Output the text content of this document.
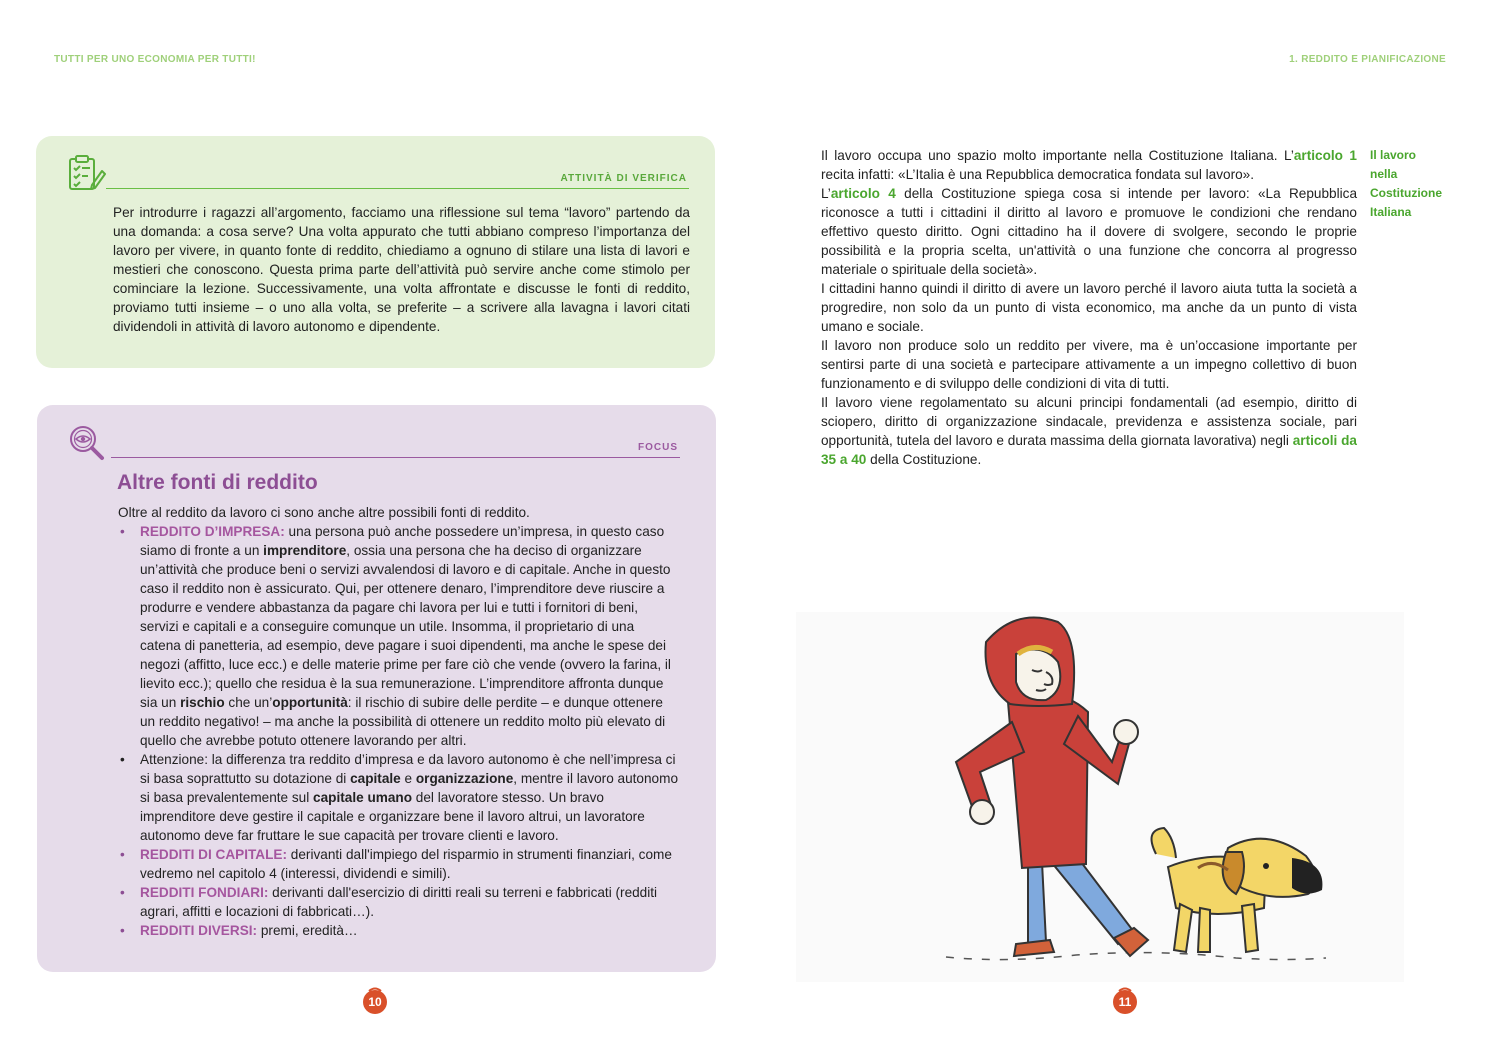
TUTTI PER UNO ECONOMIA PER TUTTI!	1. REDDITO E PIANIFICAZIONE
ATTIVITÀ DI VERIFICA
Per introdurre i ragazzi all’argomento, facciamo una riflessione sul tema “lavoro” partendo da una domanda: a cosa serve? Una volta appurato che tutti abbiano compreso l’importanza del lavoro per vivere, in quanto fonte di reddito, chiediamo a ognuno di stilare una lista di lavori e mestieri che conoscono. Questa prima parte dell’attività può servire anche come stimolo per cominciare la lezione. Successivamente, una volta affrontate e discusse le fonti di reddito, proviamo tutti insieme – o uno alla volta, se preferite – a scrivere alla lavagna i lavori citati dividendoli in attività di lavoro autonomo e dipendente.
FOCUS
Altre fonti di reddito

Oltre al reddito da lavoro ci sono anche altre possibili fonti di reddito.

• REDDITO D’IMPRESA: una persona può anche possedere un’impresa, in questo caso siamo di fronte a un imprenditore, ossia una persona che ha deciso di organizzare un’attività che produce beni o servizi avvalendosi di lavoro e di capitale. Anche in questo caso il reddito non è assicurato. Qui, per ottenere denaro, l’imprenditore deve riuscire a produrre e vendere abbastanza da pagare chi lavora per lui e tutti i fornitori di beni, servizi e capitali e a conseguire comunque un utile. Insomma, il proprietario di una catena di panetteria, ad esempio, deve pagare i suoi dipendenti, ma anche le spese dei negozi (affitto, luce ecc.) e delle materie prime per fare ciò che vende (ovvero la farina, il lievito ecc.); quello che residua è la sua remunerazione. L’imprenditore affronta dunque sia un rischio che un’opportunità: il rischio di subire delle perdite – e dunque ottenere un reddito negativo! – ma anche la possibilità di ottenere un reddito molto più elevato di quello che avrebbe potuto ottenere lavorando per altri.
• Attenzione: la differenza tra reddito d’impresa e da lavoro autonomo è che nell’impresa ci si basa soprattutto su dotazione di capitale e organizzazione, mentre il lavoro autonomo si basa prevalentemente sul capitale umano del lavoratore stesso. Un bravo imprenditore deve gestire il capitale e organizzare bene il lavoro altrui, un lavoratore autonomo deve far fruttare le sue capacità per trovare clienti e lavoro.
• REDDITI DI CAPITALE: derivanti dall'impiego del risparmio in strumenti finanziari, come vedremo nel capitolo 4 (interessi, dividendi e simili).
• REDDITI FONDIARI: derivanti dall'esercizio di diritti reali su terreni e fabbricati (redditi agrari, affitti e locazioni di fabbricati…).
• REDDITI DIVERSI: premi, eredità…

Il lavoro occupa uno spazio molto importante nella Costituzione Italiana. L’articolo 1 recita infatti: «L’Italia è una Repubblica democratica fondata sul lavoro».

L’articolo 4 della Costituzione spiega cosa si intende per lavoro: «La Repubblica riconosce a tutti i cittadini il diritto al lavoro e promuove le condizioni che rendano effettivo questo diritto. Ogni cittadino ha il dovere di svolgere, secondo le proprie possibilità e la propria scelta, un'attività o una funzione che concorra al progresso materiale o spirituale della società».

I cittadini hanno quindi il diritto di avere un lavoro perché il lavoro aiuta tutta la società a progredire, non solo da un punto di vista economico, ma anche da un punto di vista umano e sociale.

Il lavoro non produce solo un reddito per vivere, ma è un’occasione importante per sentirsi parte di una società e partecipare attivamente a un impegno collettivo di buon funzionamento e di sviluppo delle condizioni di vita di tutti.

Il lavoro viene regolamentato su alcuni principi fondamentali (ad esempio, diritto di sciopero, diritto di organizzazione sindacale, previdenza e assistenza sociale, pari opportunità, tutela del lavoro e durata massima della giornata lavorativa) negli articoli da 35 a 40 della Costituzione.

Il lavoro
nella
Costituzione
Italiana
10	11
